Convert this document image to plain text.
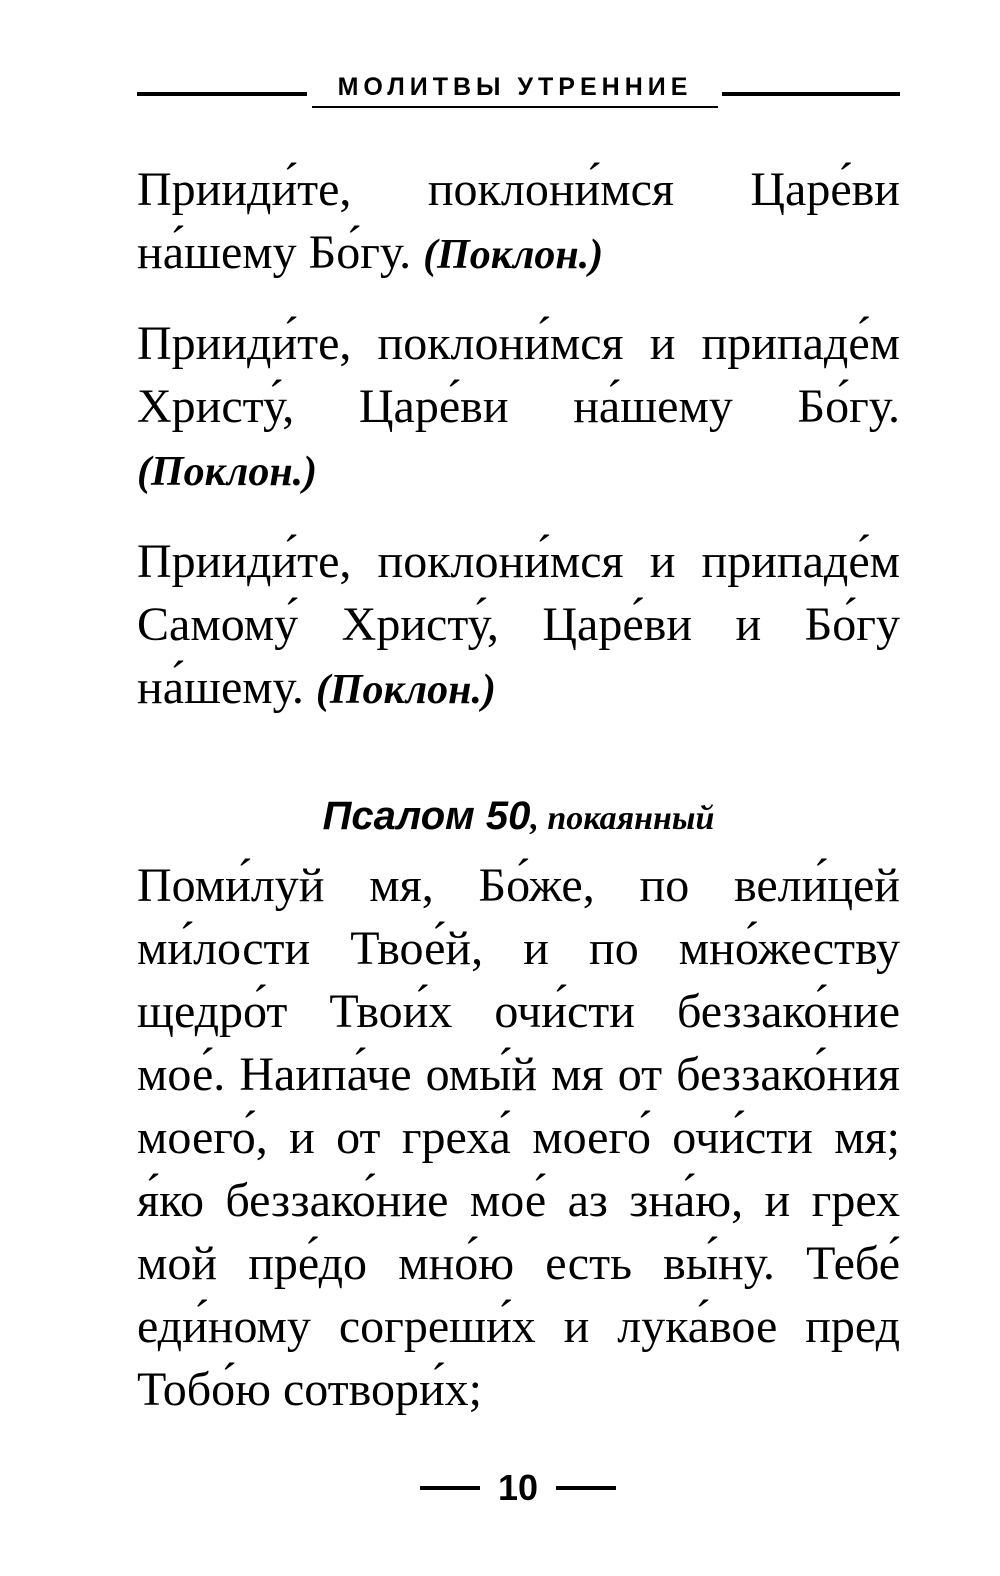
МОЛИТВЫ УТРЕННИЕ

Прииди́те, поклони́мся Царе́ви на́шему Бо́гу. (Поклон.)

Прииди́те, поклони́мся и припаде́м Христу́, Царе́ви на́шему Бо́гу. (Поклон.)

Прииди́те, поклони́мся и припаде́м Самому́ Христу́, Царе́ви и Бо́гу на́шему. (Поклон.)

Псалом 50, покаянный

Поми́луй мя, Бо́же, по вели́цей ми́лости Твое́й, и по мно́жеству щедро́т Твои́х очи́сти беззако́ние мое́. Наипа́че омы́й мя от беззако́ния моего́, и от греха́ моего́ очи́сти мя; я́ко беззако́ние мое́ аз зна́ю, и грех мой пре́до мно́ю есть вы́ну. Тебе́ еди́ному согреши́х и лука́вое пред Тобо́ю сотвори́х;

10
